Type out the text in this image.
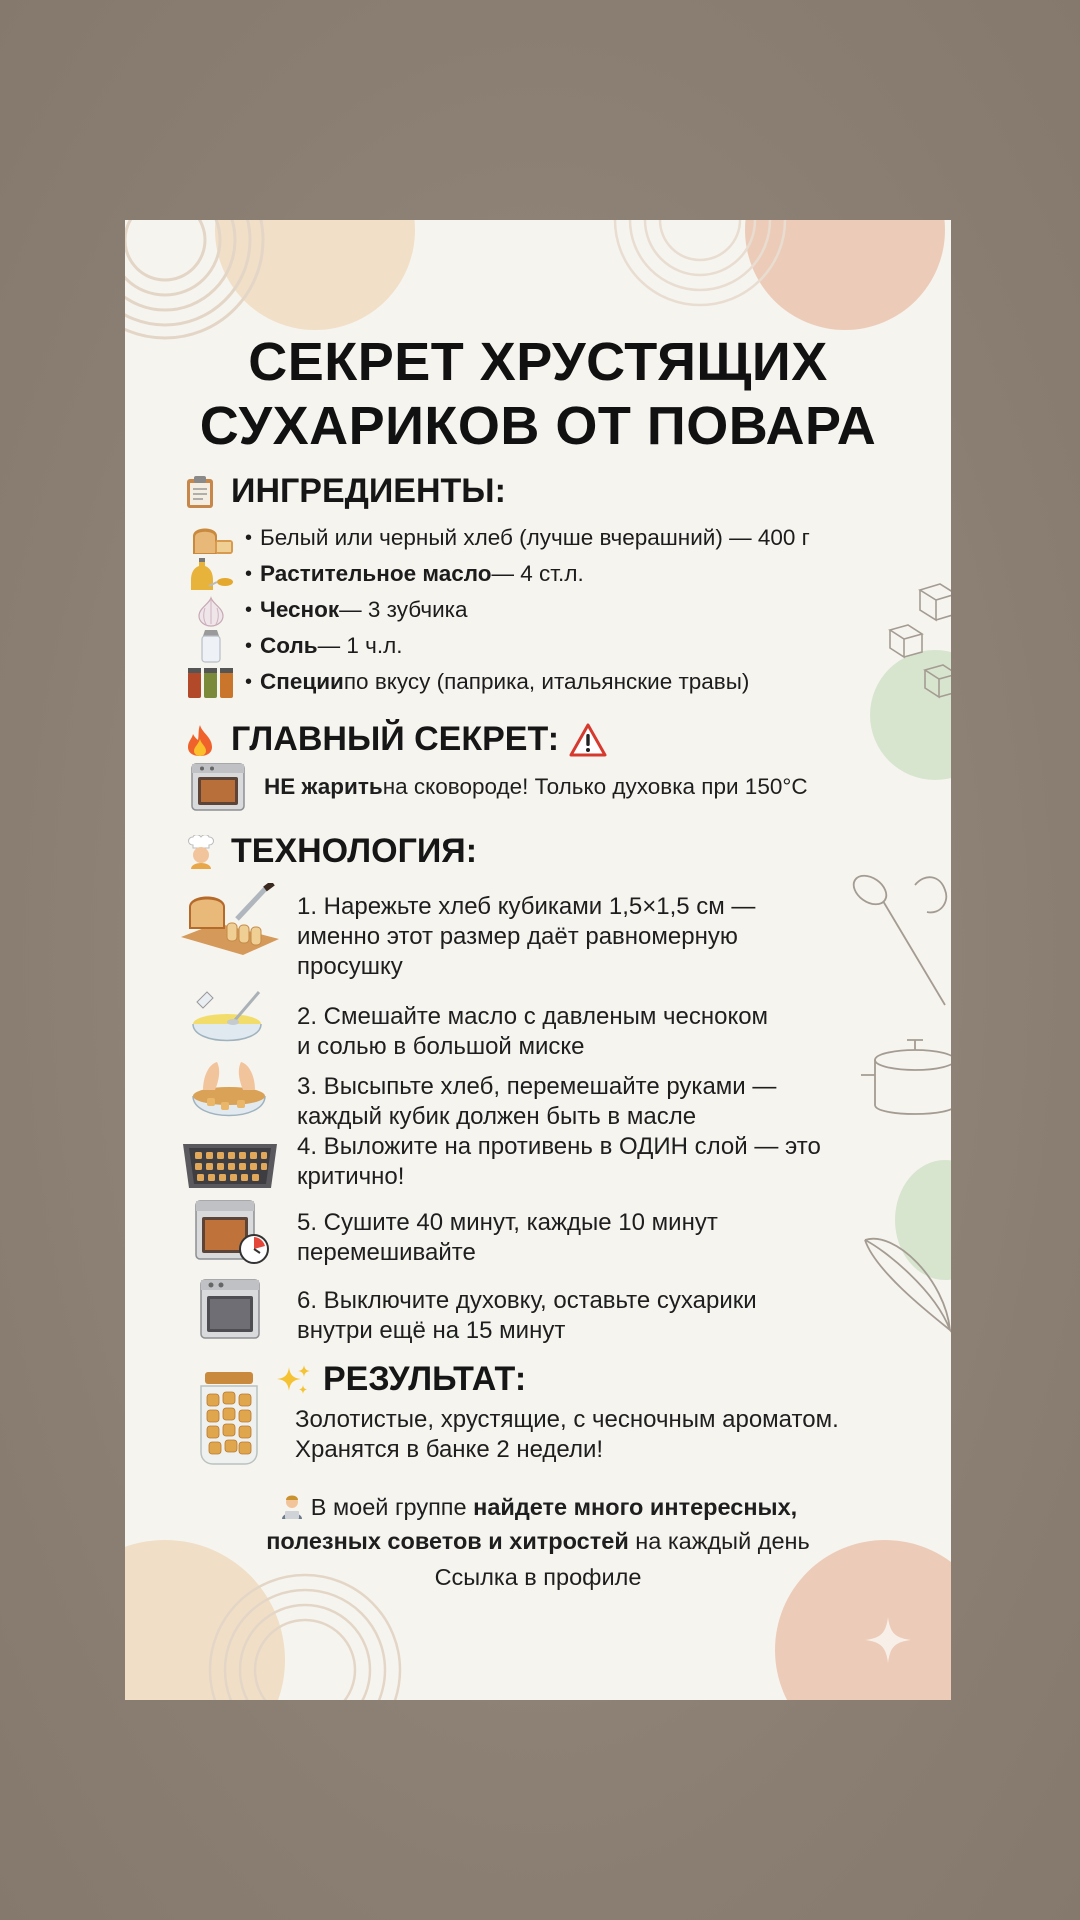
СЕКРЕТ ХРУСТЯЩИХ
СУХАРИКОВ ОТ ПОВАРА
ИНГРЕДИЕНТЫ:
• Белый или черный хлеб (лучше вчерашний) — 400 г
• Растительное масло — 4 ст.л.
• Чеснок — 3 зубчика
• Соль — 1 ч.л.
• Специи по вкусу (паприка, итальянские травы)
ГЛАВНЫЙ СЕКРЕТ:
НЕ жарить на сковороде! Только духовка при 150°C
ТЕХНОЛОГИЯ:
1. Нарежьте хлеб кубиками 1,5×1,5 см —
именно этот размер даёт равномерную
просушку
2. Смешайте масло с давленым чесноком
и солью в большой миске
3. Высыпьте хлеб, перемешайте руками —
каждый кубик должен быть в масле
4. Выложите на противень в ОДИН слой — это
критично!
5. Сушите 40 минут, каждые 10 минут
перемешивайте
6. Выключите духовку, оставьте сухарики
внутри ещё на 15 минут
РЕЗУЛЬТАТ:
Золотистые, хрустящие, с чесночным ароматом.
Хранятся в банке 2 недели!
В моей группе найдете много интересных,
полезных советов и хитростей на каждый день
Ссылка в профиле
